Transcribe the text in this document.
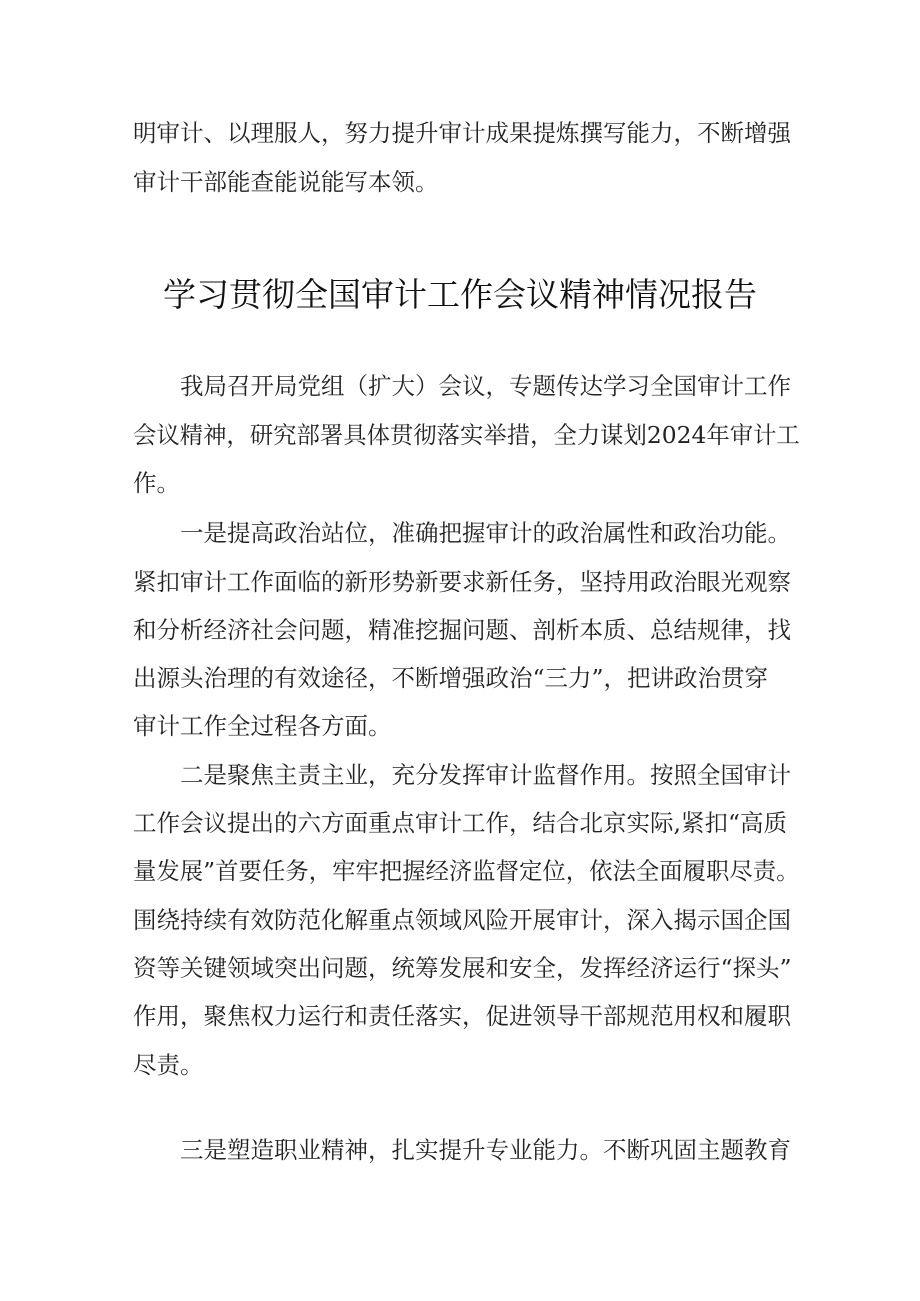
明审计、以理服人，努力提升审计成果提炼撰写能力，不断增强
审计干部能查能说能写本领。
学习贯彻全国审计工作会议精神情况报告
我局召开局党组（扩大）会议，专题传达学习全国审计工作
会议精神，研究部署具体贯彻落实举措，全力谋划2024年审计工
作。
一是提高政治站位，准确把握审计的政治属性和政治功能。
紧扣审计工作面临的新形势新要求新任务，坚持用政治眼光观察
和分析经济社会问题，精准挖掘问题、剖析本质、总结规律，找
出源头治理的有效途径，不断增强政治“三力”，把讲政治贯穿
审计工作全过程各方面。
二是聚焦主责主业，充分发挥审计监督作用。按照全国审计
工作会议提出的六方面重点审计工作，结合北京实际,紧扣“高质
量发展”首要任务，牢牢把握经济监督定位，依法全面履职尽责。
围绕持续有效防范化解重点领域风险开展审计，深入揭示国企国
资等关键领域突出问题，统筹发展和安全，发挥经济运行“探头”
作用，聚焦权力运行和责任落实，促进领导干部规范用权和履职
尽责。
三是塑造职业精神，扎实提升专业能力。不断巩固主题教育
